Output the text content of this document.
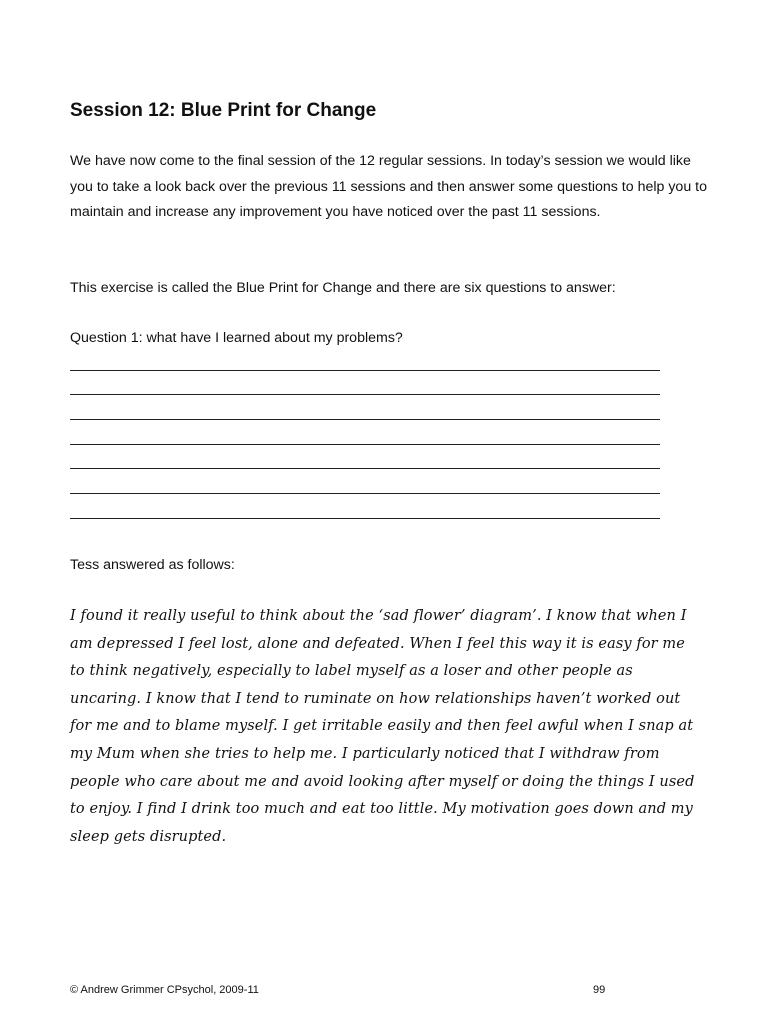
Session 12: Blue Print for Change

We have now come to the final session of the 12 regular sessions. In today’s session we would like you to take a look back over the previous 11 sessions and then answer some questions to help you to maintain and increase any improvement you have noticed over the past 11 sessions.

This exercise is called the Blue Print for Change and there are six questions to answer:

Question 1: what have I learned about my problems?

Tess answered as follows:

I found it really useful to think about the ‘sad flower’ diagram’. I know that when I am depressed I feel lost, alone and defeated. When I feel this way it is easy for me to think negatively, especially to label myself as a loser and other people as uncaring. I know that I tend to ruminate on how relationships haven’t worked out for me and to blame myself. I get irritable easily and then feel awful when I snap at my Mum when she tries to help me. I particularly noticed that I withdraw from people who care about me and avoid looking after myself or doing the things I used to enjoy. I find I drink too much and eat too little. My motivation goes down and my sleep gets disrupted.

© Andrew Grimmer CPsychol, 2009-11	99
